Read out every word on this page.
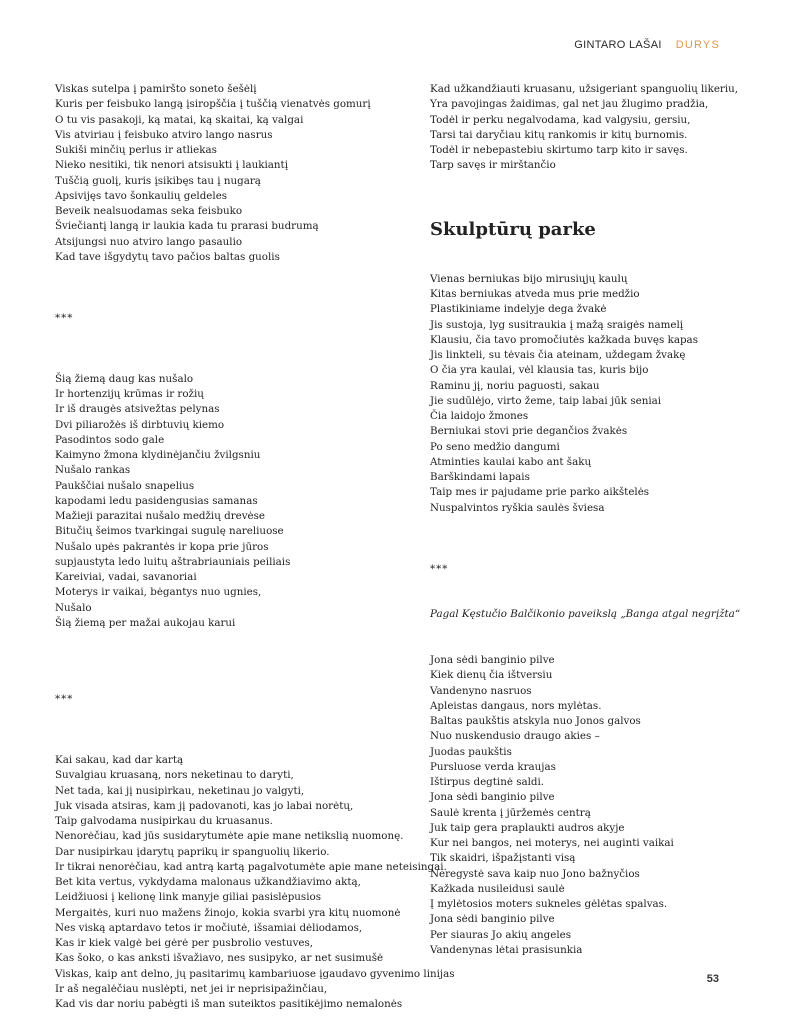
GINTARO LAŠAI DURYS
Viskas sutelpa į pamiršto soneto šešėlį
Kuris per feisbuko langą įsiropščia į tuščią vienatvės gomurį
O tu vis pasakoji, ką matai, ką skaitai, ką valgai
Vis atviriau į feisbuko atviro lango nasrus
Sukiši minčių perlus ir atliekas
Nieko nesitiki, tik nenori atsisukti į laukiantį
Tuščią guolį, kuris įsikibęs tau į nugarą
Apsivijęs tavo šonkaulių geldeles
Beveik nealsuodamas seka feisbuko
Šviečiantį langą ir laukia kada tu prarasi budrumą
Atsijungsi nuo atviro lango pasaulio
Kad tave išgydytų tavo pačios baltas guolis
***
Šią žiemą daug kas nušalo
Ir hortenzijų krūmas ir rožių
Ir iš draugės atsivežtas pelynas
Dvi piliarožės iš dirbtuvių kiemo
Pasodintos sodo gale
Kaimyno žmona klydinėjančiu žvilgsniu
Nušalo rankas
Paukščiai nušalo snapelius
kapodami ledu pasidengusias samanas
Mažieji parazitai nušalo medžių drevėse
Bitučių šeimos tvarkingai sugulę nareliuose
Nušalo upės pakrantės ir kopa prie jūros
supjaustyta ledo luitų aštrabriauniais peiliais
Kareiviai, vadai, savanoriai
Moterys ir vaikai, bėgantys nuo ugnies,
Nušalo
Šią žiemą per mažai aukojau karui
***
Kai sakau, kad dar kartą
Suvalgiau kruasaną, nors neketinau to daryti,
Net tada, kai jį nusipirkau, neketinau jo valgyti,
Juk visada atsiras, kam jį padovanoti, kas jo labai norėtų,
Taip galvodama nusipirkau du kruasanus.
Nenorėčiau, kad jūs susidarytumėte apie mane netikslią nuomonę.
Dar nusipirkau įdarytų paprikų ir spanguolių likerio.
Ir tikrai nenorėčiau, kad antrą kartą pagalvotumėte apie mane neteisingai.
Bet kita vertus, vykdydama malonaus užkandžiavimo aktą,
Leidžiuosi į kelionę link manyje giliai pasislėpusios
Mergaitės, kuri nuo mažens žinojo, kokia svarbi yra kitų nuomonė
Nes viską aptardavo tetos ir močiutė, išsamiai dėliodamos,
Kas ir kiek valgė bei gėrė per pusbrolio vestuves,
Kas šoko, o kas anksti išvažiavo, nes susipyko, ar net susimušė
Viskas, kaip ant delno, jų pasitarimų kambariuose įgaudavo gyvenimo linijas
Ir aš negalėčiau nuslėpti, net jei ir neprisipažinčiau,
Kad vis dar noriu pabėgti iš man suteiktos pasitikėjimo nemalonės
Kad užkandžiauti kruasanu, užsigeriant spanguolių likeriu,
Yra pavojingas žaidimas, gal net jau žlugimo pradžia,
Todėl ir perku negalvodama, kad valgysiu, gersiu,
Tarsi tai daryčiau kitų rankomis ir kitų burnomis.
Todėl ir nebepastebiu skirtumo tarp kito ir savęs.
Tarp savęs ir mirštančio
Skulptūrų parke
Vienas berniukas bijo mirusiųjų kaulų
Kitas berniukas atveda mus prie medžio
Plastikiniame indelyje dega žvakė
Jis sustoja, lyg susitraukia į mažą sraigės namelį
Klausiu, čia tavo promočiutės kažkada buvęs kapas
Jis linkteli, su tėvais čia ateinam, uždegam žvakę
O čia yra kaulai, vėl klausia tas, kuris bijo
Raminu jį, noriu paguosti, sakau
Jie sudūlėjo, virto žeme, taip labai jūk seniai
Čia laidojo žmones
Berniukai stovi prie degančios žvakės
Po seno medžio dangumi
Atminties kaulai kabo ant šakų
Barškindami lapais
Taip mes ir pajudame prie parko aikštelės
Nuspalvintos ryškia saulės šviesa
***
Pagal Kęstučio Balčikonio paveikslą „Banga atgal negrįžta“
Jona sėdi banginio pilve
Kiek dienų čia ištversiu
Vandenyno nasruos
Apleistas dangaus, nors mylėtas.
Baltas paukštis atskyla nuo Jonos galvos
Nuo nuskendusio draugo akies –
Juodas paukštis
Pursluose verda kraujas
Ištirpus degtinė saldi.
Jona sėdi banginio pilve
Saulė krenta į jūržemės centrą
Juk taip gera praplaukti audros akyje
Kur nei bangos, nei moterys, nei auginti vaikai
Tik skaidri, išpažįstanti visą
Neregystė sava kaip nuo Jono bažnyčios
Kažkada nusileidusi saulė
Į mylėtosios moters sukneles gėlėtas spalvas.
Jona sėdi banginio pilve
Per siauras Jo akių angeles
Vandenynas lėtai prasisunkia
53
